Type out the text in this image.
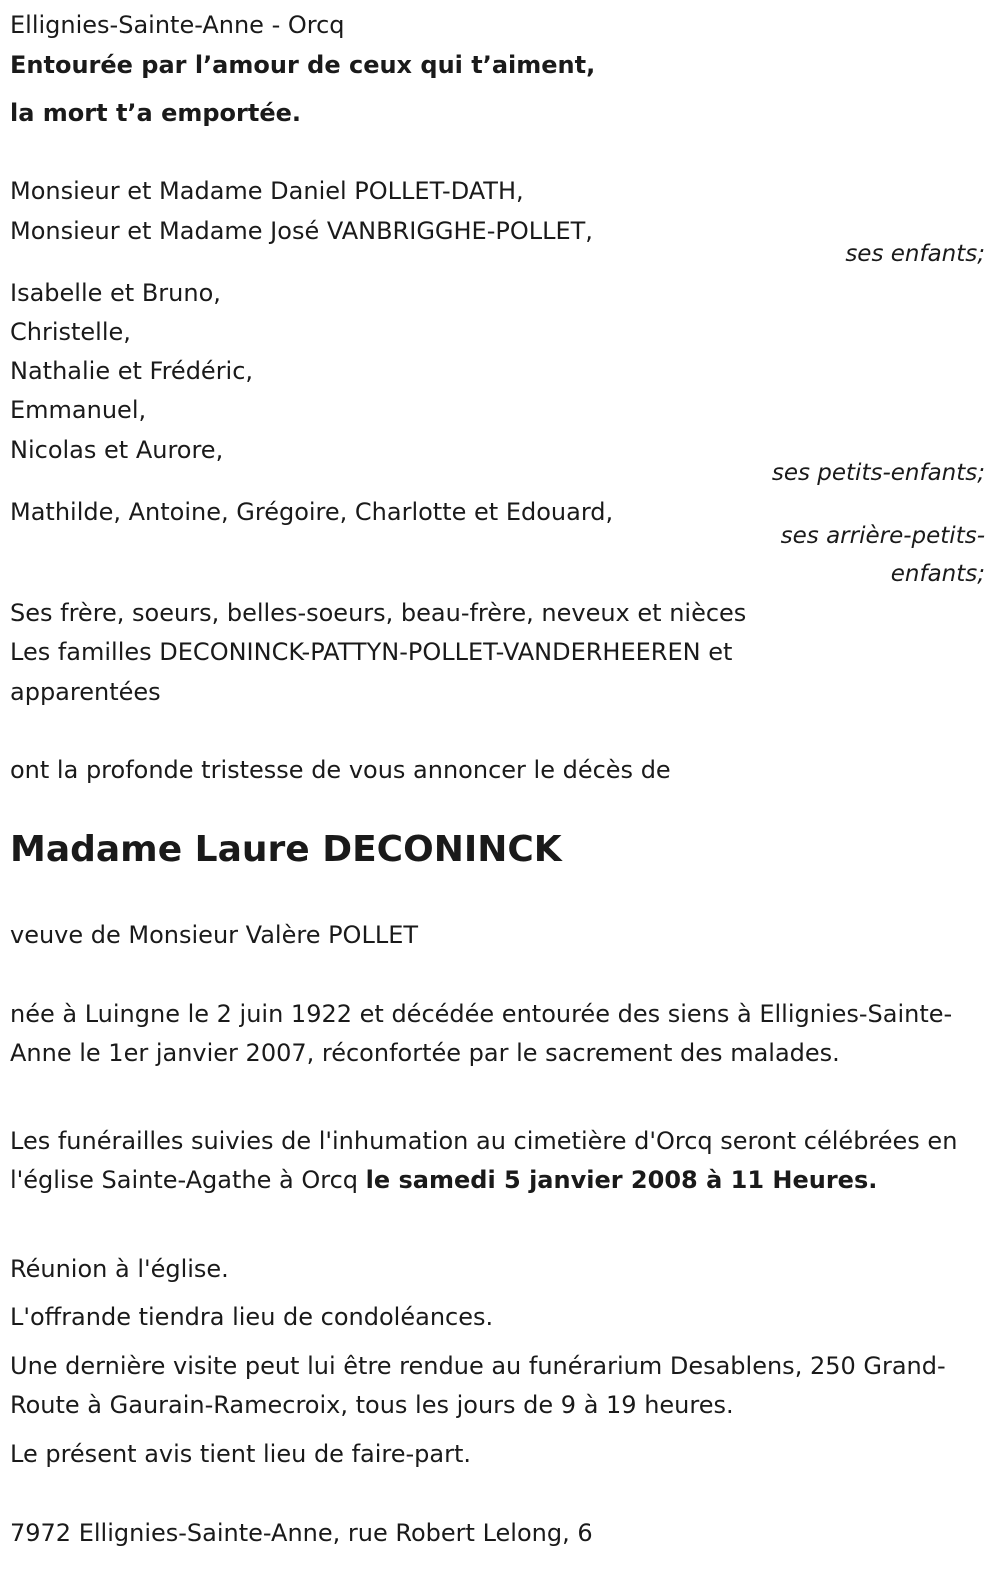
Ellignies-Sainte-Anne - Orcq
Entourée par l’amour de ceux qui t’aiment,
la mort t’a emportée.
Monsieur et Madame Daniel POLLET-DATH,
Monsieur et Madame José VANBRIGGHE-POLLET,
ses enfants;
Isabelle et Bruno,
Christelle,
Nathalie et Frédéric,
Emmanuel,
Nicolas et Aurore,
ses petits-enfants;
Mathilde, Antoine, Grégoire, Charlotte et Edouard,
ses arrière-petits-
enfants;
Ses frère, soeurs, belles-soeurs, beau-frère, neveux et nièces
Les familles DECONINCK-PATTYN-POLLET-VANDERHEEREN et
apparentées
ont la profonde tristesse de vous annoncer le décès de
Madame Laure DECONINCK
veuve de Monsieur Valère POLLET
née à Luingne le 2 juin 1922 et décédée entourée des siens à Ellignies-Sainte-Anne le 1er janvier 2007, réconfortée par le sacrement des malades.
Les funérailles suivies de l'inhumation au cimetière d'Orcq seront célébrées en l'église Sainte-Agathe à Orcq le samedi 5 janvier 2008 à 11 Heures.
Réunion à l'église.
L'offrande tiendra lieu de condoléances.
Une dernière visite peut lui être rendue au funérarium Desablens, 250 Grand-Route à Gaurain-Ramecroix, tous les jours de 9 à 19 heures.
Le présent avis tient lieu de faire-part.
7972 Ellignies-Sainte-Anne, rue Robert Lelong, 6
